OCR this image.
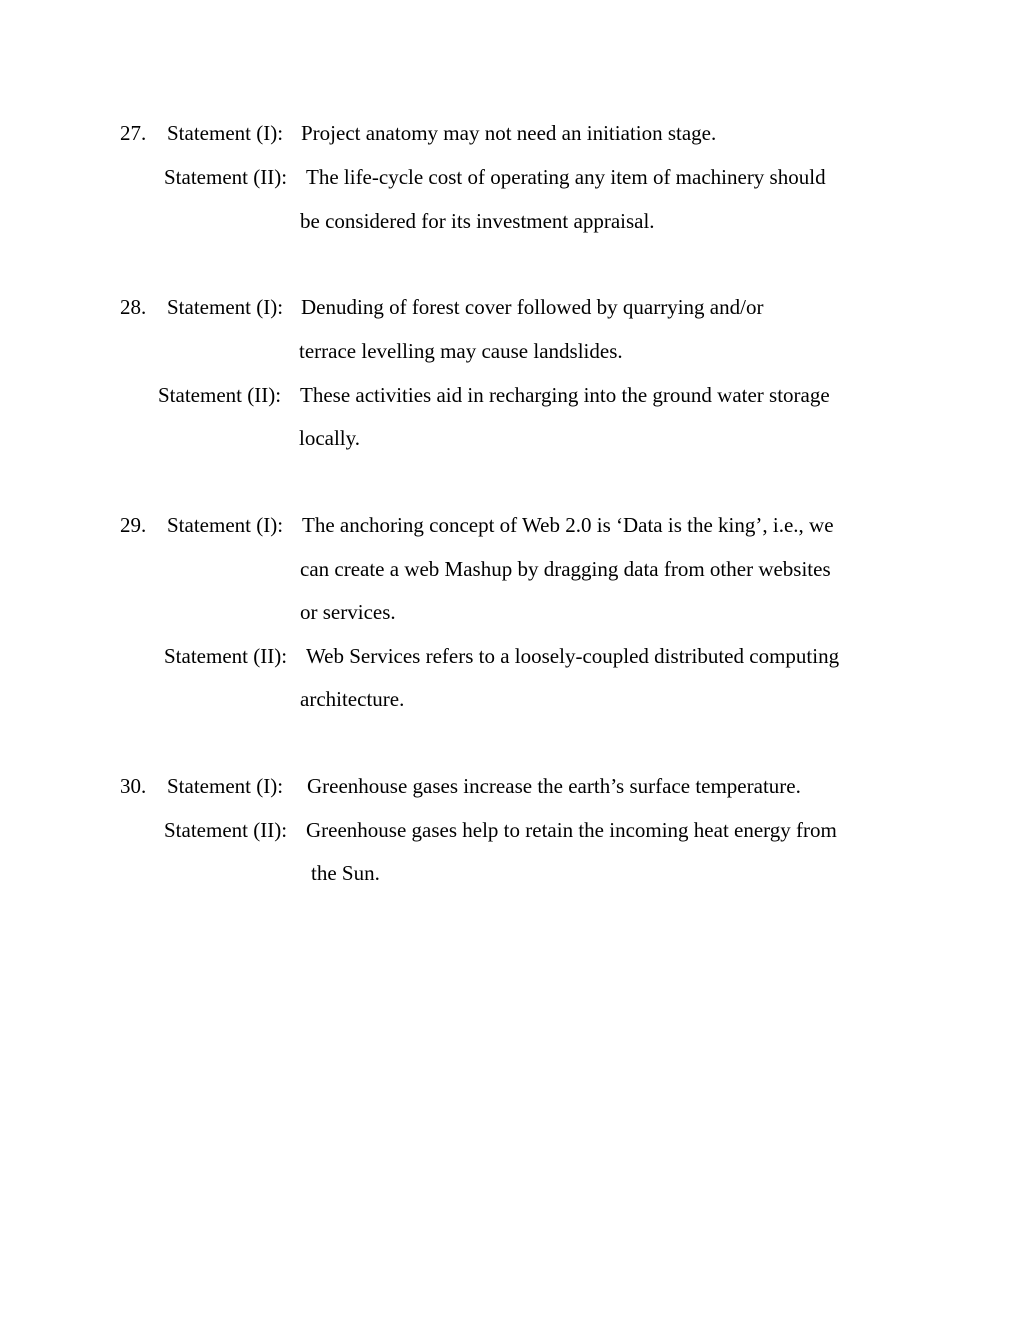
27. Statement (I): Project anatomy may not need an initiation stage.
Statement (II): The life-cycle cost of operating any item of machinery should
be considered for its investment appraisal.
28. Statement (I): Denuding of forest cover followed by quarrying and/or
terrace levelling may cause landslides.
Statement (II): These activities aid in recharging into the ground water storage
locally.
29. Statement (I): The anchoring concept of Web 2.0 is ‘Data is the king’, i.e., we
can create a web Mashup by dragging data from other websites
or services.
Statement (II): Web Services refers to a loosely-coupled distributed computing
architecture.
30. Statement (I): Greenhouse gases increase the earth’s surface temperature.
Statement (II): Greenhouse gases help to retain the incoming heat energy from
the Sun.
